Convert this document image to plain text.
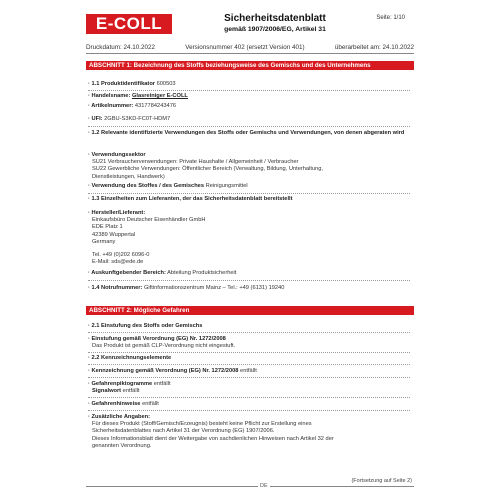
E-COLL	Sicherheitsdatenblatt
gemäß 1907/2006/EG, Artikel 31
Seite: 1/10
Druckdatum: 24.10.2022	Versionsnummer 402 (ersetzt Version 401)	überarbeitet am: 24.10.2022
ABSCHNITT 1: Bezeichnung des Stoffs beziehungsweise des Gemischs und des Unternehmens
· 1.1 Produktidentifikator 600503
· Handelsname: Glasreiniger E-COLL
· Artikelnummer: 4317784243476
· UFI: 2GBU-S3KD-FC0T-HDM7
· 1.2 Relevante identifizierte Verwendungen des Stoffs oder Gemischs und Verwendungen, von denen abgeraten wird
· Verwendungssektor
SU21 Verbraucherverwendungen: Private Haushalte / Allgemeinheit / Verbraucher
SU22 Gewerbliche Verwendungen: Öffentlicher Bereich (Verwaltung, Bildung, Unterhaltung,
Dienstleistungen, Handwerk)
· Verwendung des Stoffes / des Gemisches Reinigungsmittel
· 1.3 Einzelheiten zum Lieferanten, der das Sicherheitsdatenblatt bereitstellt
· Hersteller/Lieferant:
Einkaufsbüro Deutscher Eisenhändler GmbH
EDE Platz 1
42389 Wuppertal
Germany
Tel. +49 (0)202 6096-0
E-Mail: sds@ede.de
· Auskunftgebender Bereich: Abteilung Produktsicherheit
· 1.4 Notrufnummer: Giftinformationszentrum Mainz – Tel.: +49 (6131) 19240
ABSCHNITT 2: Mögliche Gefahren
· 2.1 Einstufung des Stoffs oder Gemischs
· Einstufung gemäß Verordnung (EG) Nr. 1272/2008
Das Produkt ist gemäß CLP-Verordnung nicht eingestuft.
· 2.2 Kennzeichnungselemente
· Kennzeichnung gemäß Verordnung (EG) Nr. 1272/2008 entfällt
· Gefahrenpiktogramme entfällt
Signalwort entfällt
· Gefahrenhinweise entfällt
· Zusätzliche Angaben:
Für dieses Produkt (Stoff/Gemisch/Erzeugnis) besteht keine Pflicht zur Erstellung eines
Sicherheitsdatenblattes nach Artikel 31 der Verordnung (EG) 1907/2006.
Dieses Informationsblatt dient der Weitergabe von sachdienlichen Hinweisen nach Artikel 32 der
genannten Verordnung.
(Fortsetzung auf Seite 2)
DE
